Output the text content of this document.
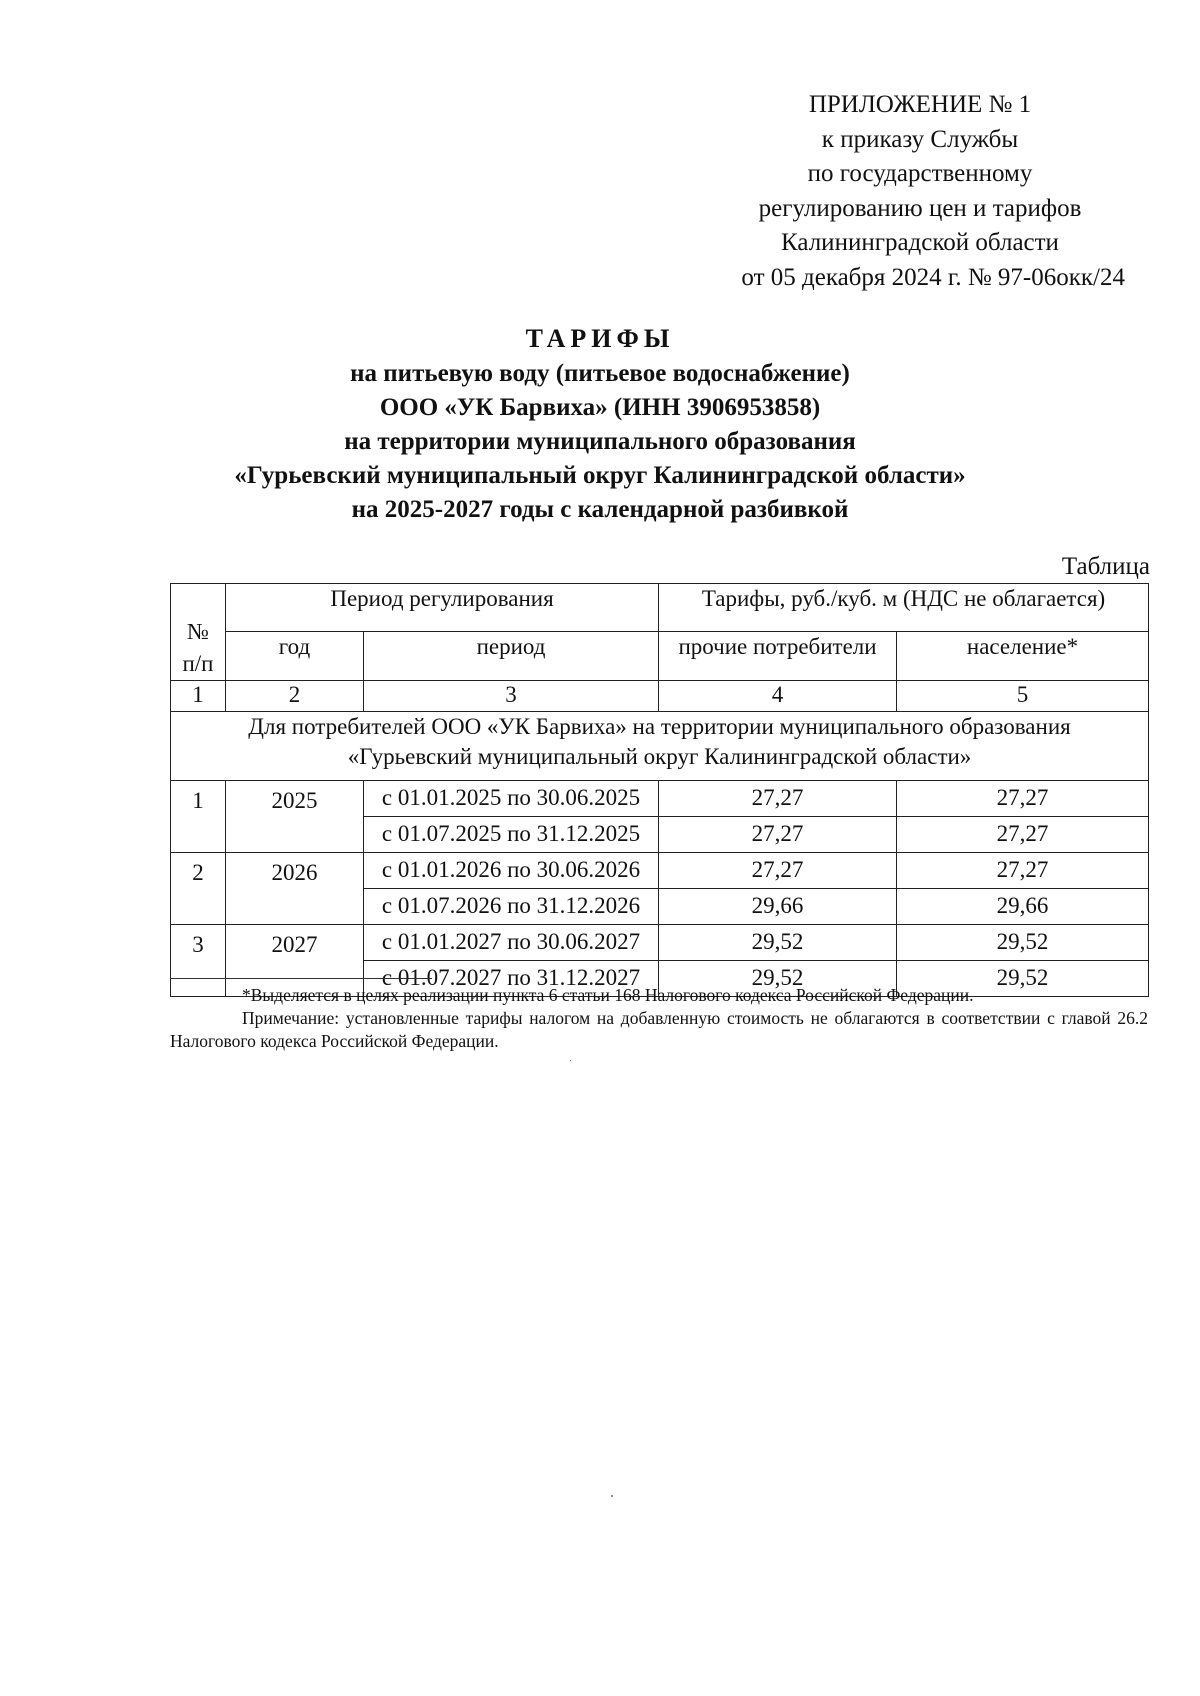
ПРИЛОЖЕНИЕ № 1
к приказу Службы
по государственному
регулированию цен и тарифов
Калининградской области
от 05 декабря 2024 г. № 97-06окк/24
ТАРИФЫ
на питьевую воду (питьевое водоснабжение)
ООО «УК Барвиха» (ИНН 3906953858)
на территории муниципального образования
«Гурьевский муниципальный округ Калининградской области»
на 2025-2027 годы с календарной разбивкой
Таблица

№
п/п	Период регулирования		Тарифы, руб./куб. м (НДС не облагается)	
	год	период	прочие потребители	население*
1	2	3	4	5
Для потребителей ООО «УК Барвиха» на территории муниципального образования
«Гурьевский муниципальный округ Калининградской области»				
1	2025	с 01.01.2025 по 30.06.2025	27,27	27,27
		с 01.07.2025 по 31.12.2025	27,27	27,27
2	2026	с 01.01.2026 по 30.06.2026	27,27	27,27
		с 01.07.2026 по 31.12.2026	29,66	29,66
3	2027	с 01.01.2027 по 30.06.2027	29,52	29,52
		с 01.07.2027 по 31.12.2027	29,52	29,52
*Выделяется в целях реализации пункта 6 статьи 168 Налогового кодекса Российской Федерации.
Примечание: установленные тарифы налогом на добавленную стоимость не облагаются в соответствии с главой 26.2 Налогового кодекса Российской Федерации.
